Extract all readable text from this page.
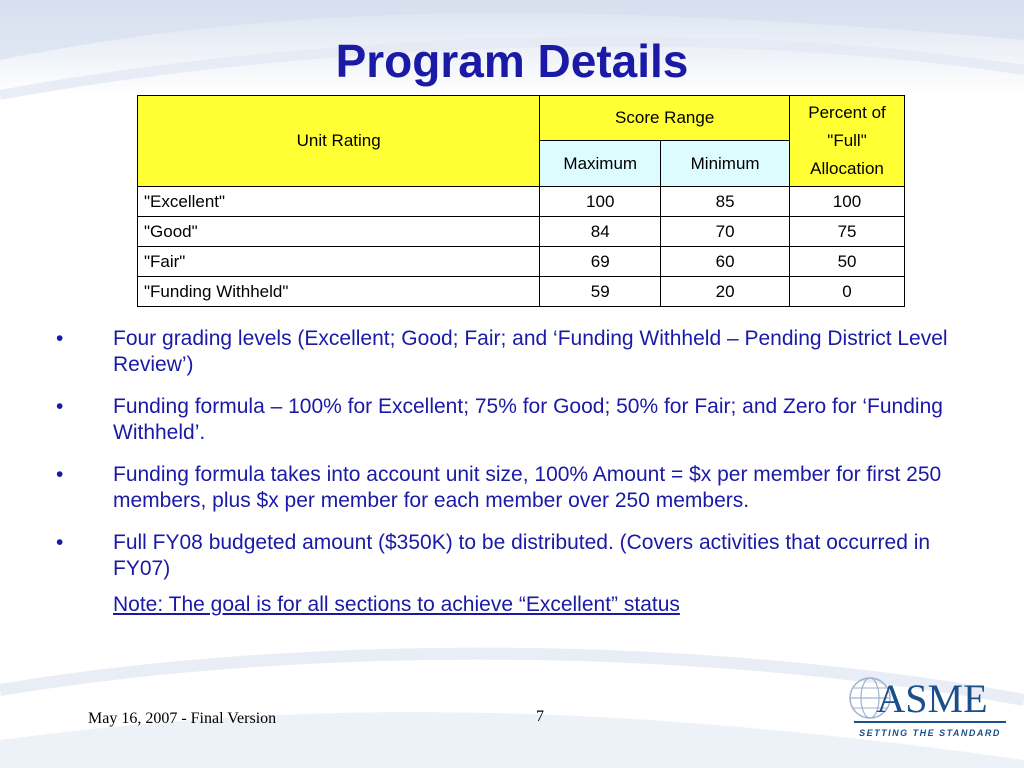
Program Details
Unit Rating	Score Range		Percent of "Full" Allocation
	Maximum	Minimum	
"Excellent"	100	85	100
"Good"	84	70	75
"Fair"	69	60	50
"Funding Withheld"	59	20	0
• Four grading levels (Excellent; Good; Fair; and ‘Funding Withheld – Pending District Level Review’)
• Funding formula – 100% for Excellent; 75% for Good; 50% for Fair; and Zero for ‘Funding Withheld’.
• Funding formula takes into account unit size, 100% Amount = $x per member for first 250 members, plus $x per member for each member over 250 members.
• Full FY08 budgeted amount ($350K) to be distributed. (Covers activities that occurred in FY07)
Note: The goal is for all sections to achieve “Excellent” status
May 16, 2007 - Final Version	7	ASME
SETTING THE STANDARD
